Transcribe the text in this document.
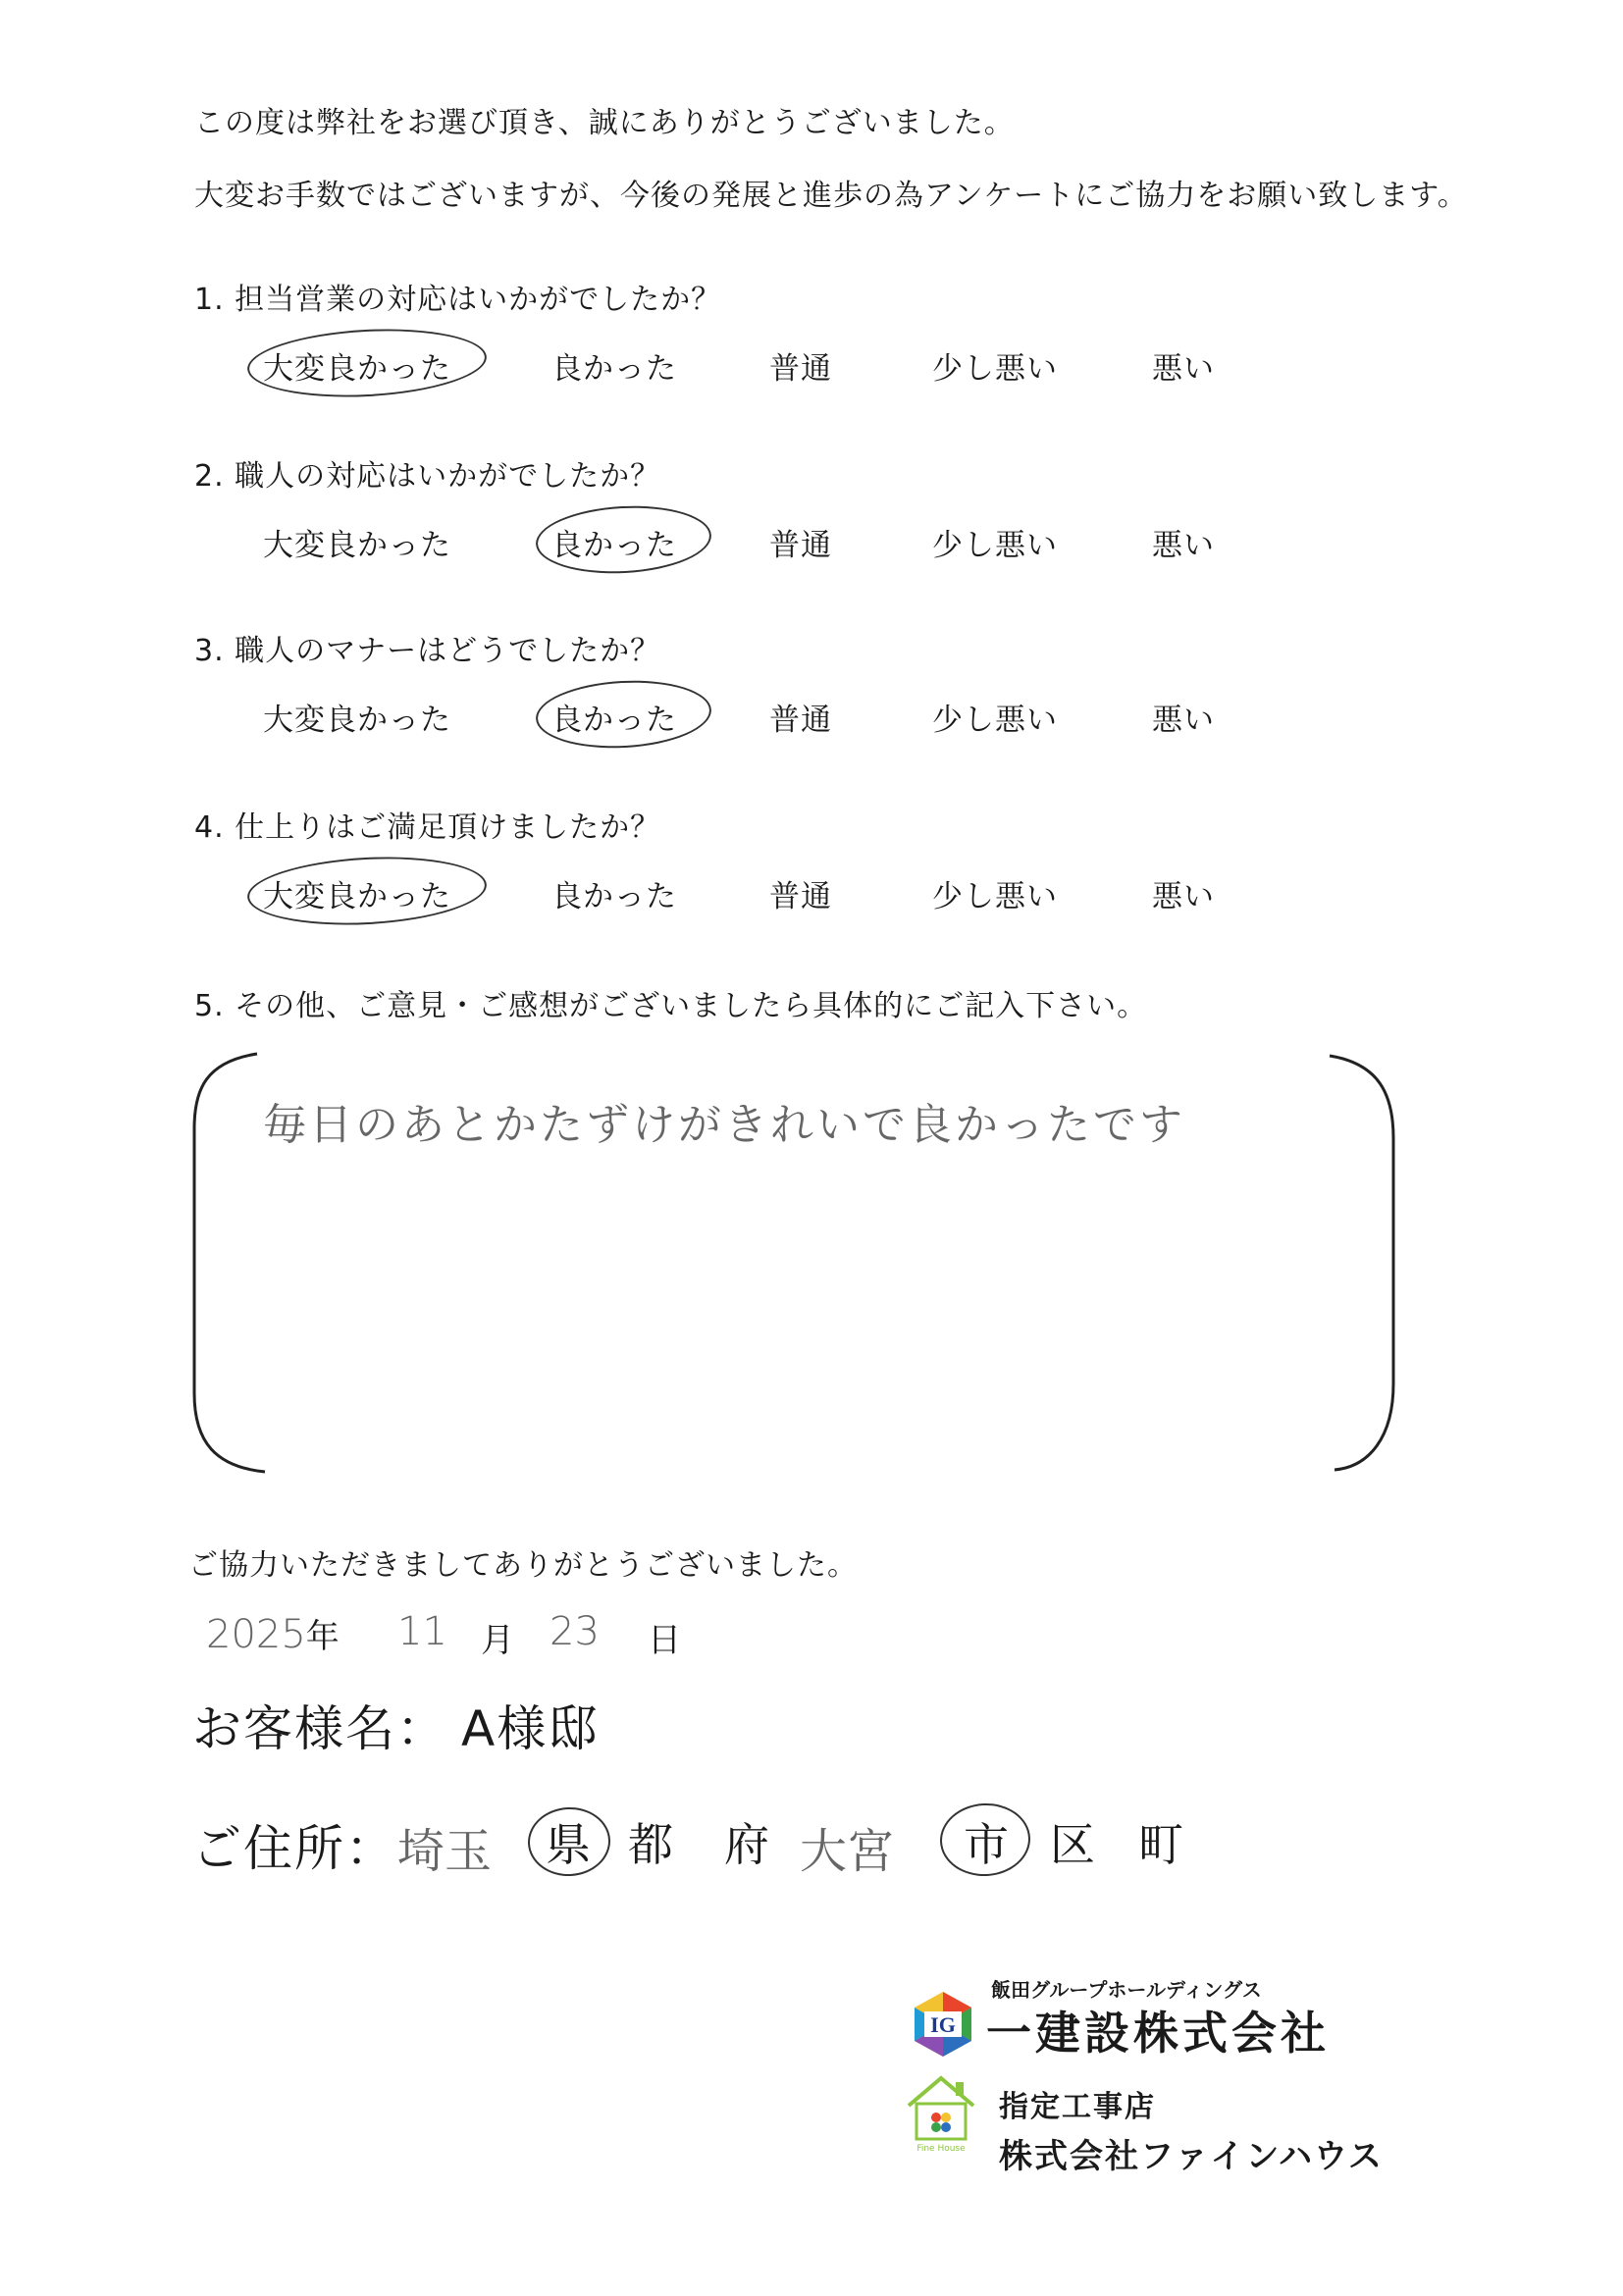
この度は弊社をお選び頂き、誠にありがとうございました。
大変お手数ではございますが、今後の発展と進歩の為アンケートにご協力をお願い致します。
1. 担当営業の対応はいかがでしたか？
大変良かった	良かった	普通	少し悪い	悪い
2. 職人の対応はいかがでしたか？
大変良かった	良かった	普通	少し悪い	悪い
3. 職人のマナーはどうでしたか？
大変良かった	良かった	普通	少し悪い	悪い
4. 仕上りはご満足頂けましたか？
大変良かった	良かった	普通	少し悪い	悪い
5. その他、ご意見・ご感想がございましたら具体的にご記入下さい。
毎日のあとかたずけがきれいで良かったです
ご協力いただきましてありがとうございました。
2025年 11 月 23 日
お客様名： A様邸
ご住所： 埼玉 県 都 府 大宮 市 区 町
飯田グループホールディングス
IG 一建設株式会社
Fine House
指定工事店
株式会社ファインハウス
